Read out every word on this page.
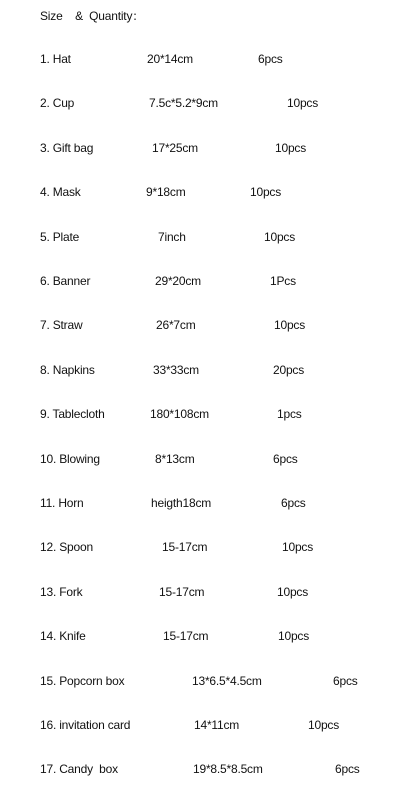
Size    &  Quantity：
1. Hat	20*14cm	6pcs
2. Cup	7.5c*5.2*9cm	10pcs
3. Gift bag	17*25cm	10pcs
4. Mask	9*18cm	10pcs
5. Plate	7inch	10pcs
6. Banner	29*20cm	1Pcs
7. Straw	26*7cm	10pcs
8. Napkins	33*33cm	20pcs
9. Tablecloth	180*108cm	1pcs
10. Blowing	8*13cm	6pcs
11. Horn	heigth18cm	6pcs
12. Spoon	15-17cm	10pcs
13. Fork	15-17cm	10pcs
14. Knife	15-17cm	10pcs
15. Popcorn box	13*6.5*4.5cm	6pcs
16. invitation card	14*11cm	10pcs
17. Candy  box	19*8.5*8.5cm	6pcs
